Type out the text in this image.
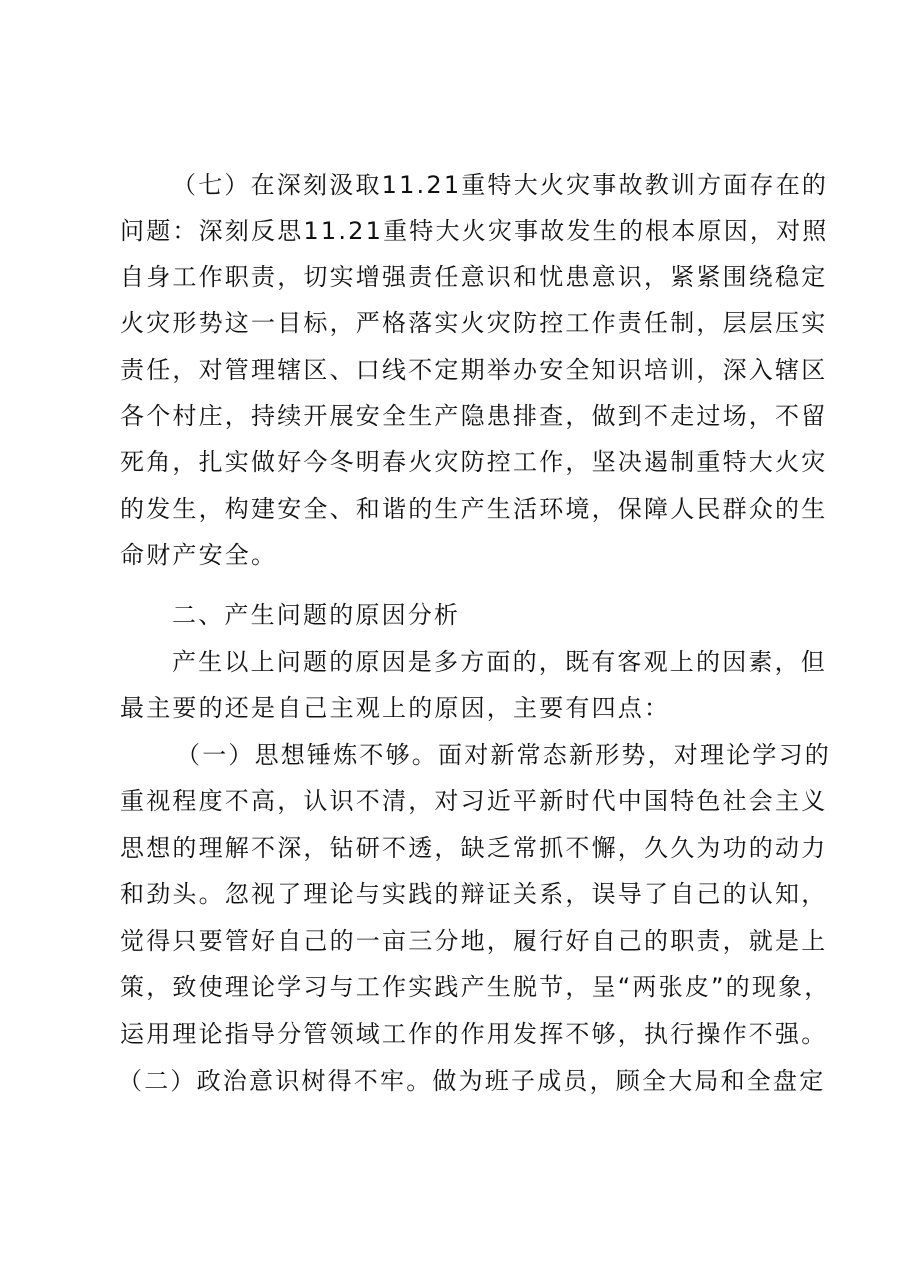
（七）在深刻汲取11.21重特大火灾事故教训方面存在的
问题：深刻反思11.21重特大火灾事故发生的根本原因，对照
自身工作职责，切实增强责任意识和忧患意识，紧紧围绕稳定
火灾形势这一目标，严格落实火灾防控工作责任制，层层压实
责任，对管理辖区、口线不定期举办安全知识培训，深入辖区
各个村庄，持续开展安全生产隐患排查，做到不走过场，不留
死角，扎实做好今冬明春火灾防控工作，坚决遏制重特大火灾
的发生，构建安全、和谐的生产生活环境，保障人民群众的生
命财产安全。
二、产生问题的原因分析
产生以上问题的原因是多方面的，既有客观上的因素，但
最主要的还是自己主观上的原因，主要有四点：
（一）思想锤炼不够。面对新常态新形势，对理论学习的
重视程度不高，认识不清，对习近平新时代中国特色社会主义
思想的理解不深，钻研不透，缺乏常抓不懈，久久为功的动力
和劲头。忽视了理论与实践的辩证关系，误导了自己的认知，
觉得只要管好自己的一亩三分地，履行好自己的职责，就是上
策，致使理论学习与工作实践产生脱节，呈“两张皮”的现象，
运用理论指导分管领域工作的作用发挥不够，执行操作不强。
（二）政治意识树得不牢。做为班子成员，顾全大局和全盘定
